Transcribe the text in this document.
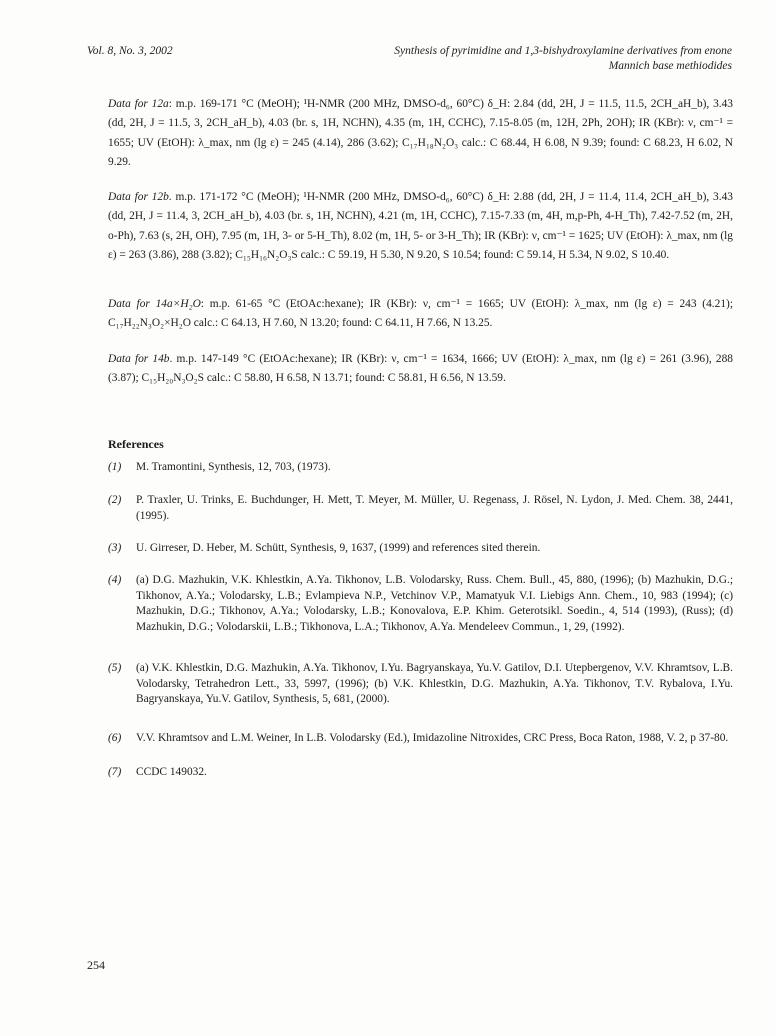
Vol. 8, No. 3, 2002	Synthesis of pyrimidine and 1,3-bishydroxylamine derivatives from enone
Mannich base methiodides
Data for 12a: m.p. 169-171 °C (MeOH); ¹H-NMR (200 MHz, DMSO-d₆, 60°C) δ_H: 2.84 (dd, 2H, J = 11.5, 11.5, 2CH_aH_b), 3.43 (dd, 2H, J = 11.5, 3, 2CH_aH_b), 4.03 (br. s, 1H, NCHN), 4.35 (m, 1H, CCHC), 7.15-8.05 (m, 12H, 2Ph, 2OH); IR (KBr): ν, cm⁻¹ = 1655; UV (EtOH): λ_max, nm (lg ε) = 245 (4.14), 286 (3.62); C₁₇H₁₈N₂O₃ calc.: C 68.44, H 6.08, N 9.39; found: C 68.23, H 6.02, N 9.29.
Data for 12b. m.p. 171-172 °C (MeOH); ¹H-NMR (200 MHz, DMSO-d₆, 60°C) δ_H: 2.88 (dd, 2H, J = 11.4, 11.4, 2CH_aH_b), 3.43 (dd, 2H, J = 11.4, 3, 2CH_aH_b), 4.03 (br. s, 1H, NCHN), 4.21 (m, 1H, CCHC), 7.15-7.33 (m, 4H, m,p-Ph, 4-H_Th), 7.42-7.52 (m, 2H, o-Ph), 7.63 (s, 2H, OH), 7.95 (m, 1H, 3- or 5-H_Th), 8.02 (m, 1H, 5- or 3-H_Th); IR (KBr): ν, cm⁻¹ = 1625; UV (EtOH): λ_max, nm (lg ε) = 263 (3.86), 288 (3.82); C₁₅H₁₆N₂O₃S calc.: C 59.19, H 5.30, N 9.20, S 10.54; found: C 59.14, H 5.34, N 9.02, S 10.40.
Data for 14a×H₂O: m.p. 61-65 °C (EtOAc:hexane); IR (KBr): ν, cm⁻¹ = 1665; UV (EtOH): λ_max, nm (lg ε) = 243 (4.21); C₁₇H₂₂N₃O₂×H₂O calc.: C 64.13, H 7.60, N 13.20; found: C 64.11, H 7.66, N 13.25.
Data for 14b. m.p. 147-149 °C (EtOAc:hexane); IR (KBr): ν, cm⁻¹ = 1634, 1666; UV (EtOH): λ_max, nm (lg ε) = 261 (3.96), 288 (3.87); C₁₅H₂₀N₃O₂S calc.: C 58.80, H 6.58, N 13.71; found: C 58.81, H 6.56, N 13.59.
References
(1)	M. Tramontini, Synthesis, 12, 703, (1973).
(2)	P. Traxler, U. Trinks, E. Buchdunger, H. Mett, T. Meyer, M. Müller, U. Regenass, J. Rösel, N. Lydon, J. Med. Chem. 38, 2441, (1995).
(3)	U. Girreser, D. Heber, M. Schütt, Synthesis, 9, 1637, (1999) and references sited therein.
(4)	(a) D.G. Mazhukin, V.K. Khlestkin, A.Ya. Tikhonov, L.B. Volodarsky, Russ. Chem. Bull., 45, 880, (1996); (b) Mazhukin, D.G.; Tikhonov, A.Ya.; Volodarsky, L.B.; Evlampieva N.P., Vetchinov V.P., Mamatyuk V.I. Liebigs Ann. Chem., 10, 983 (1994); (c) Mazhukin, D.G.; Tikhonov, A.Ya.; Volodarsky, L.B.; Konovalova, E.P. Khim. Geterotsikl. Soedin., 4, 514 (1993), (Russ); (d) Mazhukin, D.G.; Volodarskii, L.B.; Tikhonova, L.A.; Tikhonov, A.Ya. Mendeleev Commun., 1, 29, (1992).
(5)	(a) V.K. Khlestkin, D.G. Mazhukin, A.Ya. Tikhonov, I.Yu. Bagryanskaya, Yu.V. Gatilov, D.I. Utepbergenov, V.V. Khramtsov, L.B. Volodarsky, Tetrahedron Lett., 33, 5997, (1996); (b) V.K. Khlestkin, D.G. Mazhukin, A.Ya. Tikhonov, T.V. Rybalova, I.Yu. Bagryanskaya, Yu.V. Gatilov, Synthesis, 5, 681, (2000).
(6)	V.V. Khramtsov and L.M. Weiner, In L.B. Volodarsky (Ed.), Imidazoline Nitroxides, CRC Press, Boca Raton, 1988, V. 2, p 37-80.
(7)	CCDC 149032.
254
